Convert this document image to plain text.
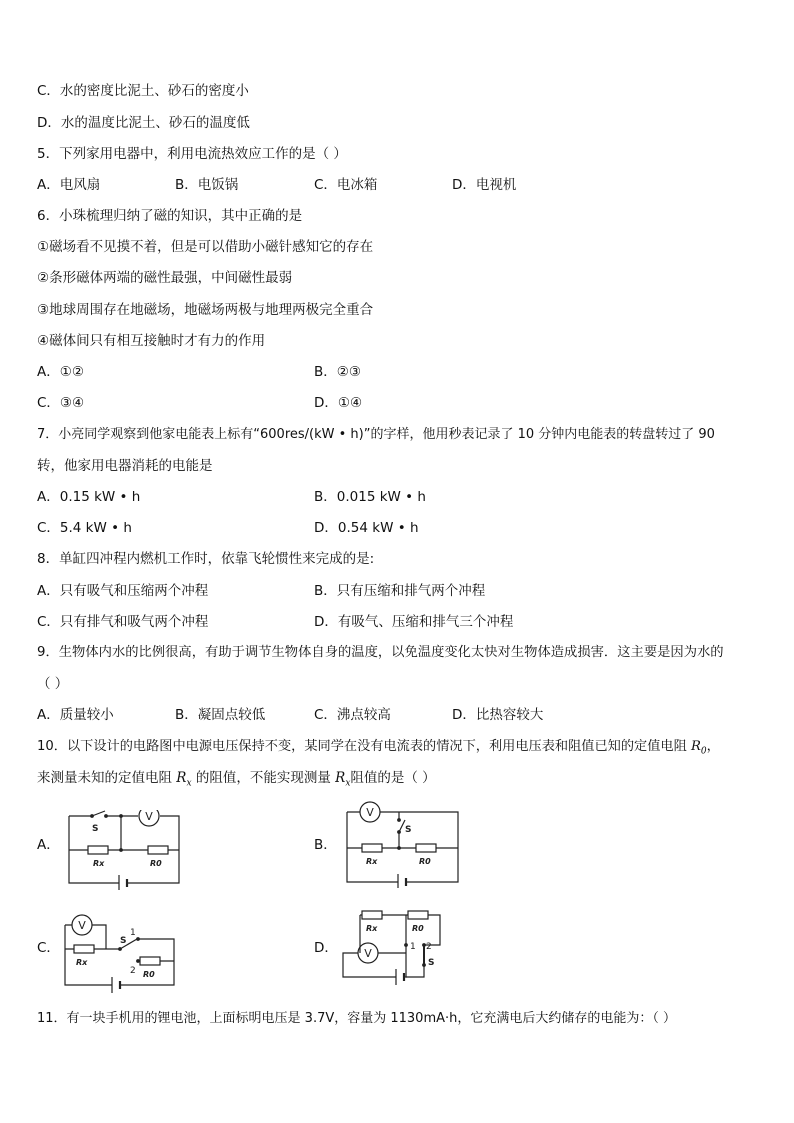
C．水的密度比泥土、砂石的密度小
D．水的温度比泥土、砂石的温度低
5．下列家用电器中，利用电流热效应工作的是（ ）
A．电风扇	B．电饭锅	C．电冰箱	D．电视机
6．小珠梳理归纳了磁的知识，其中正确的是
①磁场看不见摸不着，但是可以借助小磁针感知它的存在
②条形磁体两端的磁性最强，中间磁性最弱
③地球周围存在地磁场，地磁场两极与地理两极完全重合
④磁体间只有相互接触时才有力的作用
A．①②	B．②③
C．③④	D．①④
7．小亮同学观察到他家电能表上标有“600res/(kW • h)”的字样，他用秒表记录了 10 分钟内电能表的转盘转过了 90
转，他家用电器消耗的电能是
A．0.15 kW • h	B．0.015 kW • h
C．5.4 kW • h	D．0.54 kW • h
8．单缸四冲程内燃机工作时，依靠飞轮惯性来完成的是:
A．只有吸气和压缩两个冲程	B．只有压缩和排气两个冲程
C．只有排气和吸气两个冲程	D．有吸气、压缩和排气三个冲程
9．生物体内水的比例很高，有助于调节生物体自身的温度，以免温度变化太快对生物体造成损害．这主要是因为水的
（ ）
A．质量较小	B．凝固点较低	C．沸点较高	D．比热容较大
10．以下设计的电路图中电源电压保持不变，某同学在没有电流表的情况下，利用电压表和阻值已知的定值电阻 $R_0$，
来测量未知的定值电阻 $R_x$ 的阻值，不能实现测量 $R_x$阻值的是（ ）
A．	B．
C．	D．
V
S
Rx	R0
V
S
Rx	R0
V
Rx
S
1
2 R0
Rx	R0
V	1 2
S
11．有一块手机用的锂电池，上面标明电压是 3.7V，容量为 1130mA·h，它充满电后大约储存的电能为：（ ）
